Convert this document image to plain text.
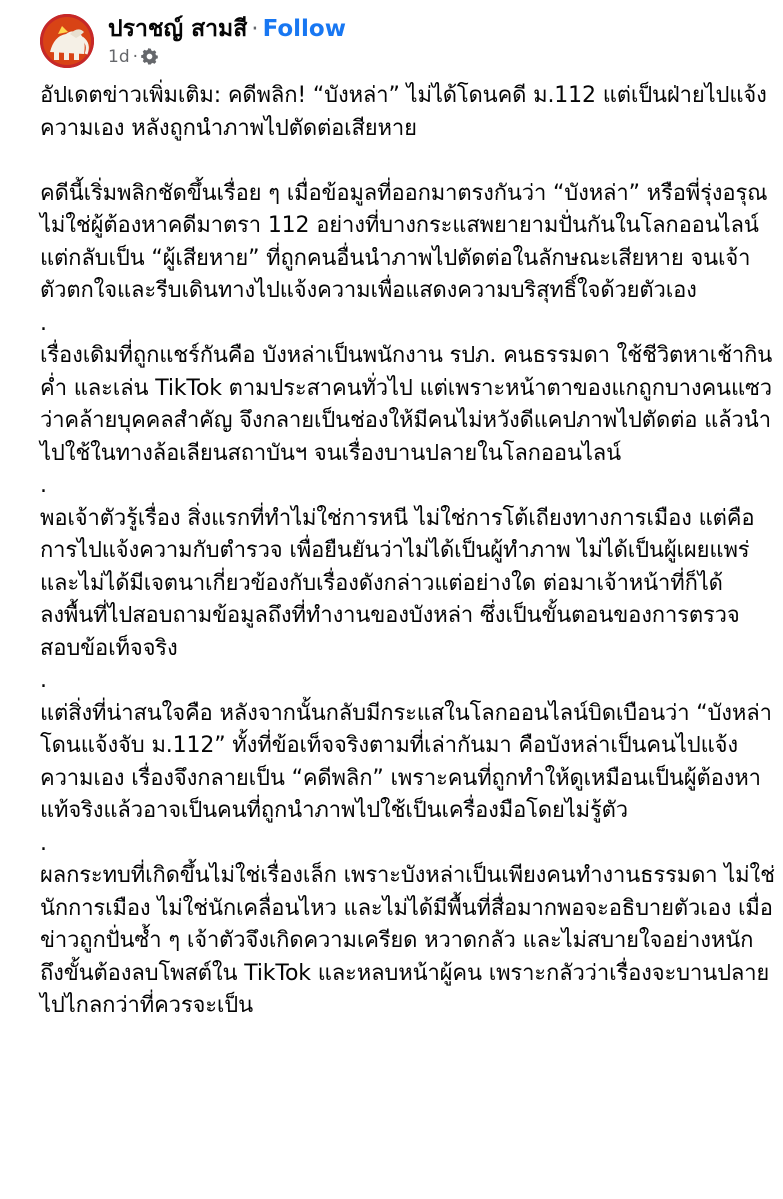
ปราชญ์ สามสี · Follow
1d ·

อัปเดตข่าวเพิ่มเติม: คดีพลิก! “บังหล่า” ไม่ได้โดนคดี ม.112 แต่เป็นฝ่ายไปแจ้งความเอง หลังถูกนำภาพไปตัดต่อเสียหาย

คดีนี้เริ่มพลิกชัดขึ้นเรื่อย ๆ เมื่อข้อมูลที่ออกมาตรงกันว่า “บังหล่า” หรือพี่รุ่งอรุณ ไม่ใช่ผู้ต้องหาคดีมาตรา 112 อย่างที่บางกระแสพยายามปั่นกันในโลกออนไลน์ แต่กลับเป็น “ผู้เสียหาย” ที่ถูกคนอื่นนำภาพไปตัดต่อในลักษณะเสียหาย จนเจ้าตัวตกใจและรีบเดินทางไปแจ้งความเพื่อแสดงความบริสุทธิ์ใจด้วยตัวเอง

.

เรื่องเดิมที่ถูกแชร์กันคือ บังหล่าเป็นพนักงาน รปภ. คนธรรมดา ใช้ชีวิตหาเช้ากินค่ำ และเล่น TikTok ตามประสาคนทั่วไป แต่เพราะหน้าตาของแกถูกบางคนแซวว่าคล้ายบุคคลสำคัญ จึงกลายเป็นช่องให้มีคนไม่หวังดีแคปภาพไปตัดต่อ แล้วนำไปใช้ในทางล้อเลียนสถาบันฯ จนเรื่องบานปลายในโลกออนไลน์

.

พอเจ้าตัวรู้เรื่อง สิ่งแรกที่ทำไม่ใช่การหนี ไม่ใช่การโต้เถียงทางการเมือง แต่คือการไปแจ้งความกับตำรวจ เพื่อยืนยันว่าไม่ได้เป็นผู้ทำภาพ ไม่ได้เป็นผู้เผยแพร่ และไม่ได้มีเจตนาเกี่ยวข้องกับเรื่องดังกล่าวแต่อย่างใด ต่อมาเจ้าหน้าที่ก็ได้ลงพื้นที่ไปสอบถามข้อมูลถึงที่ทำงานของบังหล่า ซึ่งเป็นขั้นตอนของการตรวจสอบข้อเท็จจริง

.

แต่สิ่งที่น่าสนใจคือ หลังจากนั้นกลับมีกระแสในโลกออนไลน์บิดเบือนว่า “บังหล่าโดนแจ้งจับ ม.112” ทั้งที่ข้อเท็จจริงตามที่เล่ากันมา คือบังหล่าเป็นคนไปแจ้งความเอง เรื่องจึงกลายเป็น “คดีพลิก” เพราะคนที่ถูกทำให้ดูเหมือนเป็นผู้ต้องหา แท้จริงแล้วอาจเป็นคนที่ถูกนำภาพไปใช้เป็นเครื่องมือโดยไม่รู้ตัว

.

ผลกระทบที่เกิดขึ้นไม่ใช่เรื่องเล็ก เพราะบังหล่าเป็นเพียงคนทำงานธรรมดา ไม่ใช่นักการเมือง ไม่ใช่นักเคลื่อนไหว และไม่ได้มีพื้นที่สื่อมากพอจะอธิบายตัวเอง เมื่อข่าวถูกปั่นซ้ำ ๆ เจ้าตัวจึงเกิดความเครียด หวาดกลัว และไม่สบายใจอย่างหนัก ถึงขั้นต้องลบโพสต์ใน TikTok และหลบหน้าผู้คน เพราะกลัวว่าเรื่องจะบานปลายไปไกลกว่าที่ควรจะเป็น
